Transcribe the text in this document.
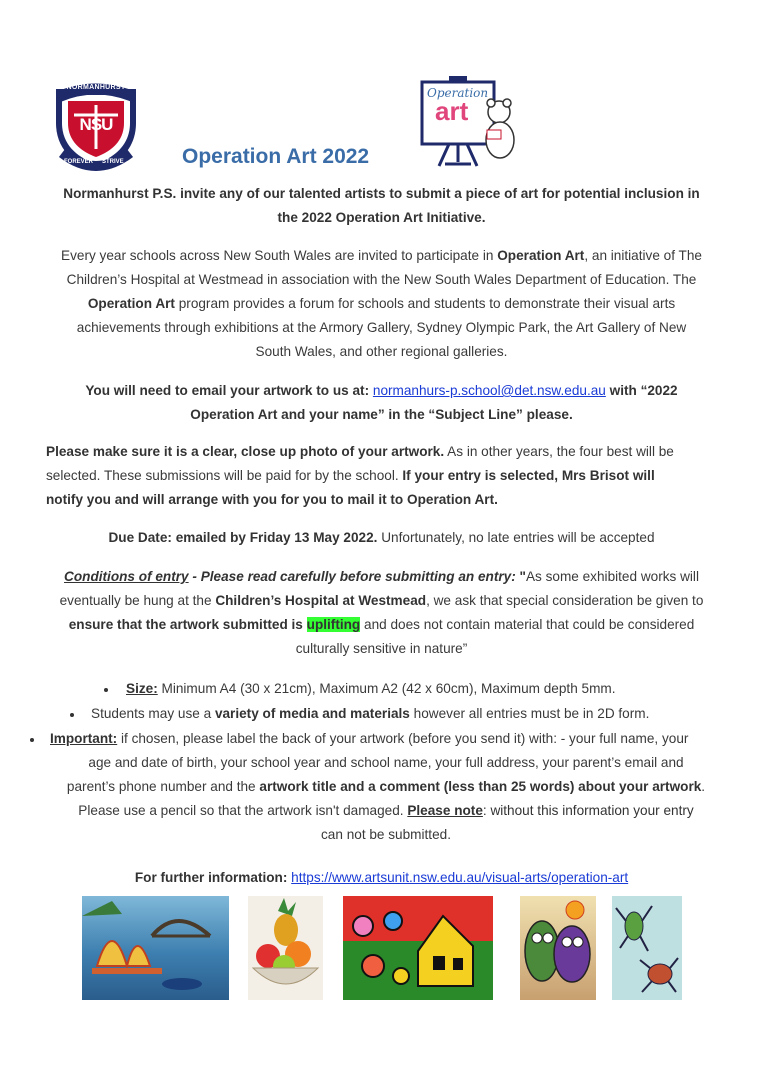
NORMANHURST
NSU
FOREVER STRIVE
Operation
art
Operation Art 2022

Normanhurst P.S. invite any of our talented artists to submit a piece of art for potential inclusion in

the 2022 Operation Art Initiative.

Every year schools across New South Wales are invited to participate in Operation Art, an initiative of The

Children’s Hospital at Westmead in association with the New South Wales Department of Education. The

Operation Art program provides a forum for schools and students to demonstrate their visual arts

achievements through exhibitions at the Armory Gallery, Sydney Olympic Park, the Art Gallery of New

South Wales, and other regional galleries.

You will need to email your artwork to us at: normanhurs-p.school@det.nsw.edu.au with “2022

Operation Art and your name” in the “Subject Line” please.

Please make sure it is a clear, close up photo of your artwork. As in other years, the four best will be

selected. These submissions will be paid for by the school. If your entry is selected, Mrs Brisot will

notify you and will arrange with you for you to mail it to Operation Art.

Due Date: emailed by Friday 13 May 2022. Unfortunately, no late entries will be accepted

Conditions of entry - Please read carefully before submitting an entry: "As some exhibited works will

eventually be hung at the Children’s Hospital at Westmead, we ask that special consideration be given to

ensure that the artwork submitted is uplifting and does not contain material that could be considered

culturally sensitive in nature”

Size: Minimum A4 (30 x 21cm), Maximum A2 (42 x 60cm), Maximum depth 5mm.

Students may use a variety of media and materials however all entries must be in 2D form.

Important: if chosen, please label the back of your artwork (before you send it) with: - your full name, your

age and date of birth, your school year and school name, your full address, your parent’s email and

parent’s phone number and the artwork title and a comment (less than 25 words) about your artwork.

Please use a pencil so that the artwork isn't damaged. Please note: without this information your entry

can not be submitted.

For further information: https://www.artsunit.nsw.edu.au/visual-arts/operation-art
